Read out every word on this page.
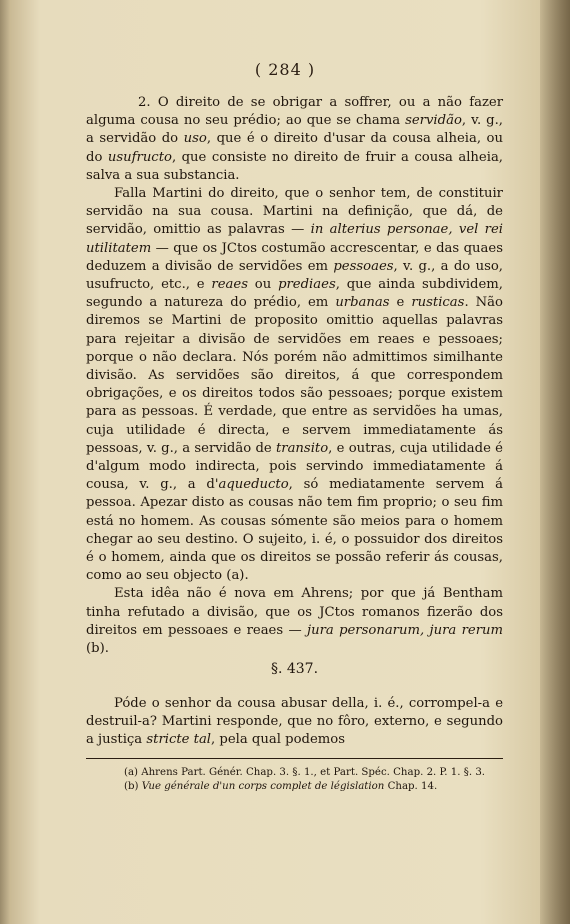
( 284 )

2. O direito de se obrigar a soffrer, ou a não fazer alguma cousa no seu prédio; ao que se chama servidão, v. g., a servidão do uso, que é o direito d'usar da cousa alheia, ou do usufructo, que consiste no direito de fruir a cousa alheia, salva a sua substancia.

Falla Martini do direito, que o senhor tem, de constituir servidão na sua cousa. Martini na definição, que dá, de servidão, omittio as palavras — in alterius personae, vel rei utilitatem — que os JCtos costumão accrescentar, e das quaes deduzem a divisão de servidões em pessoaes, v. g., a do uso, usufructo, etc., e reaes ou prediaes, que ainda subdividem, segundo a natureza do prédio, em urbanas e rusticas. Não diremos se Martini de proposito omittio aquellas palavras para rejeitar a divisão de servidões em reaes e pessoaes; porque o não declara. Nós porém não admittimos similhante divisão. As servidões são direitos, á que correspondem obrigações, e os direitos todos são pessoaes; porque existem para as pessoas. É verdade, que entre as servidões ha umas, cuja utilidade é directa, e servem immediatamente ás pessoas, v. g., a servidão de transito, e outras, cuja utilidade é d'algum modo indirecta, pois servindo immediatamente á cousa, v. g., a d'aqueducto, só mediatamente servem á pessoa. Apezar disto as cousas não tem fim proprio; o seu fim está no homem. As cousas sómente são meios para o homem chegar ao seu destino. O sujeito, i. é, o possuidor dos direitos é o homem, ainda que os direitos se possão referir ás cousas, como ao seu objecto (a).

Esta idêa não é nova em Ahrens; por que já Bentham tinha refutado a divisão, que os JCtos romanos fizerão dos direitos em pessoaes e reaes — jura personarum, jura rerum (b).

§. 437.

Póde o senhor da cousa abusar della, i. é., corrompel-a e destruil-a? Martini responde, que no fôro, externo, e segundo a justiça stricte tal, pela qual podemos

(a) Ahrens Part. Génér. Chap. 3. §. 1., et Part. Spéc. Chap. 2. P. 1. §. 3.

(b) Vue générale d'un corps complet de législation Chap. 14.
